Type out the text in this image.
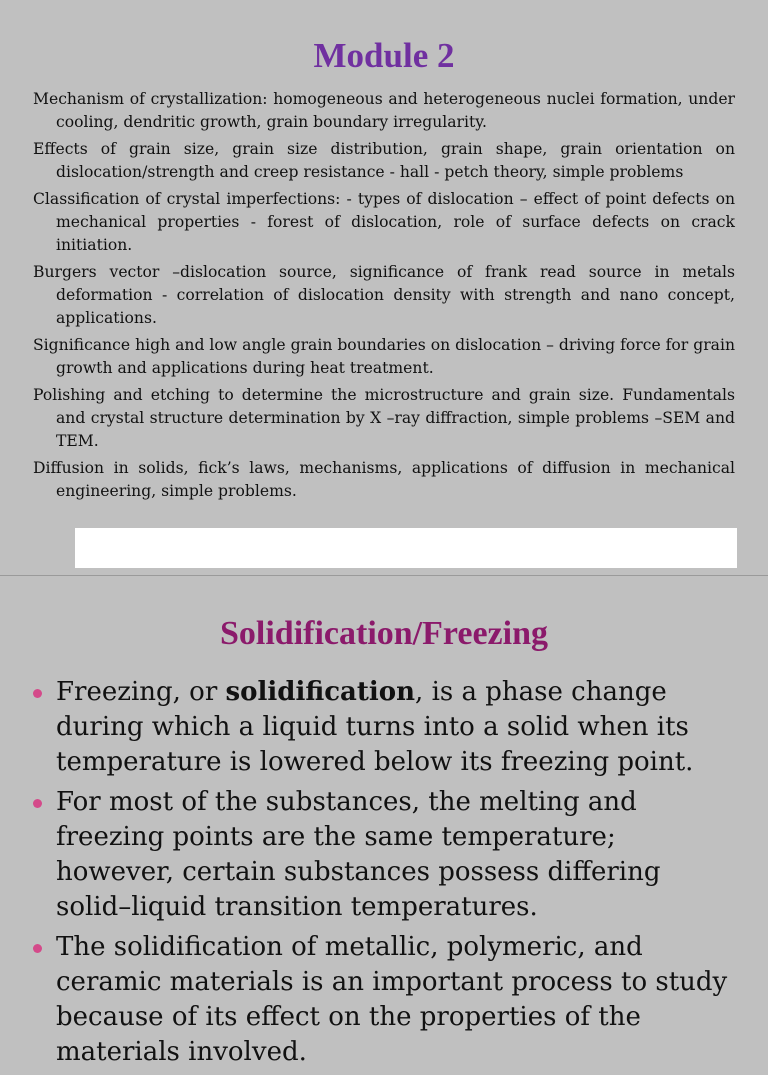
Module 2
Mechanism of crystallization: homogeneous and heterogeneous nuclei formation, under cooling, dendritic growth, grain boundary irregularity.
Effects of grain size, grain size distribution, grain shape, grain orientation on dislocation/strength and creep resistance - hall - petch theory, simple problems
Classification of crystal imperfections: - types of dislocation – effect of point defects on mechanical properties - forest of dislocation, role of surface defects on crack initiation.
Burgers vector –dislocation source, significance of frank read source in metals deformation - correlation of dislocation density with strength and nano concept, applications.
Significance high and low angle grain boundaries on dislocation – driving force for grain growth and applications during heat treatment.
Polishing and etching to determine the microstructure and grain size. Fundamentals and crystal structure determination by X –ray diffraction, simple problems –SEM and TEM.
Diffusion in solids, fick’s laws, mechanisms, applications of diffusion in mechanical engineering, simple problems.
Solidification/Freezing
Freezing, or solidification, is a phase change during which a liquid turns into a solid when its temperature is lowered below its freezing point.
For most of the substances, the melting and freezing points are the same temperature; however, certain substances possess differing solid–liquid transition temperatures.
The solidification of metallic, polymeric, and ceramic materials is an important process to study because of its effect on the properties of the materials involved.
